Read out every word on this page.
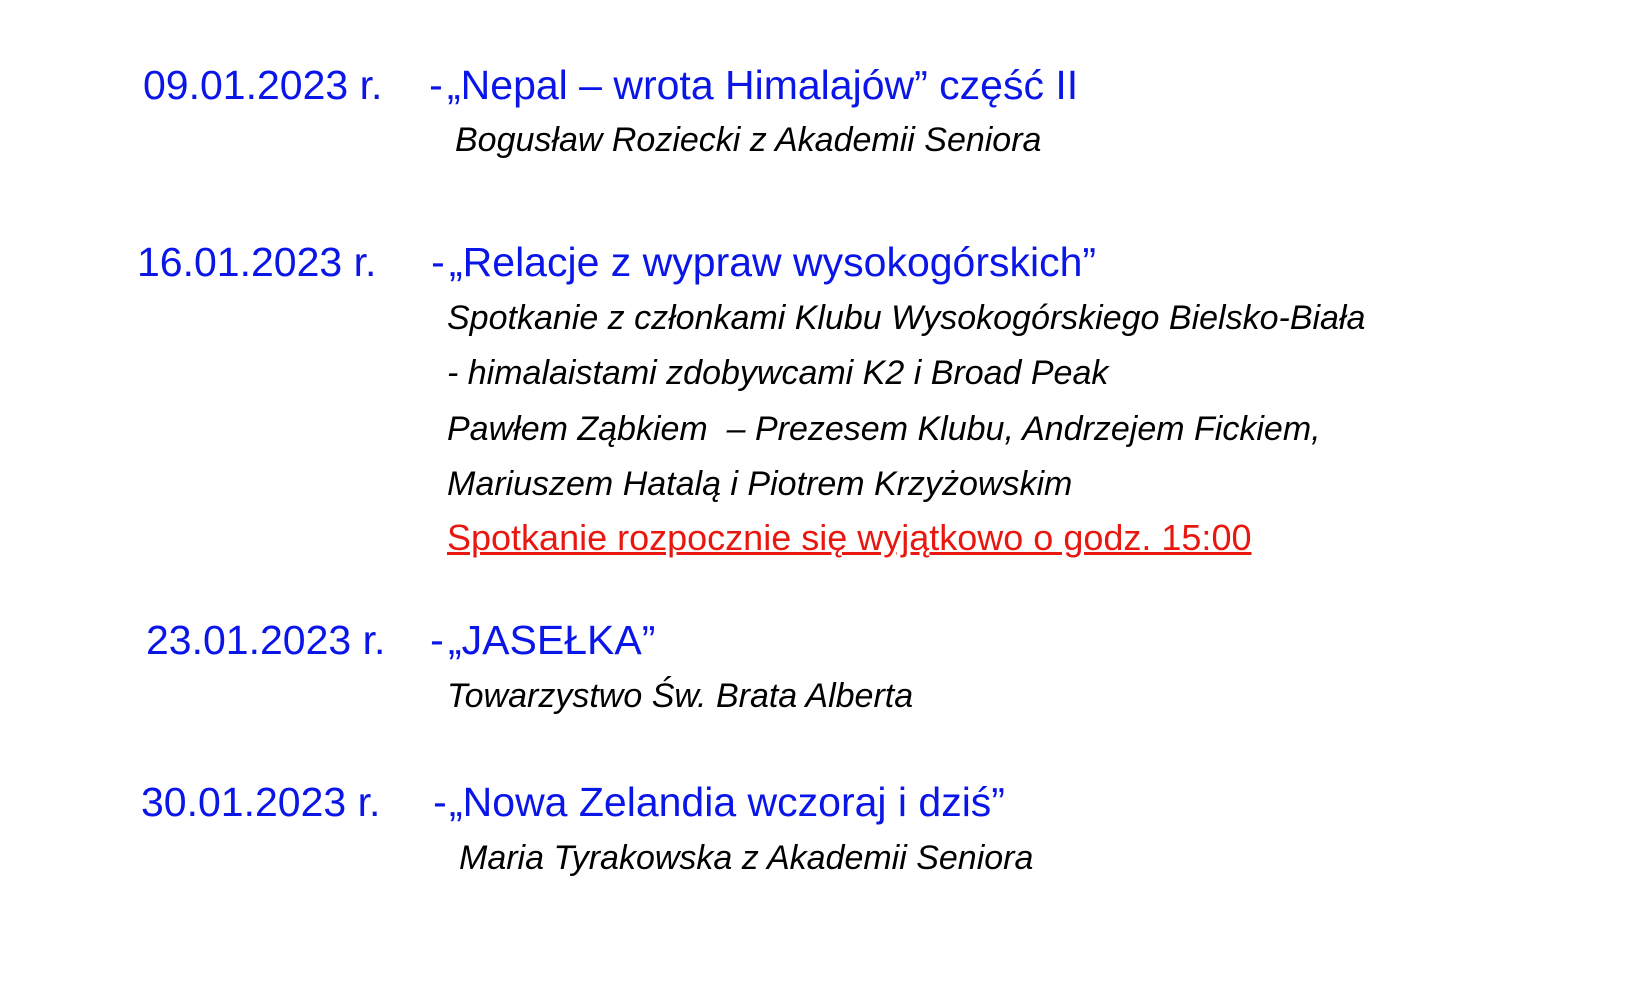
09.01.2023 r.	- „Nepal – wrota Himalajów” część II
Bogusław Roziecki z Akademii Seniora
16.01.2023 r.	- „Relacje z wypraw wysokogórskich”
Spotkanie z członkami Klubu Wysokogórskiego Bielsko-Biała
- himalaistami zdobywcami K2 i Broad Peak
Pawłem Ząbkiem  – Prezesem Klubu, Andrzejem Fickiem,
Mariuszem Hatalą i Piotrem Krzyżowskim
Spotkanie rozpocznie się wyjątkowo o godz. 15:00
23.01.2023 r.	- „JASEŁKA”
Towarzystwo Św. Brata Alberta
30.01.2023 r.	- „Nowa Zelandia wczoraj i dziś”
Maria Tyrakowska z Akademii Seniora
